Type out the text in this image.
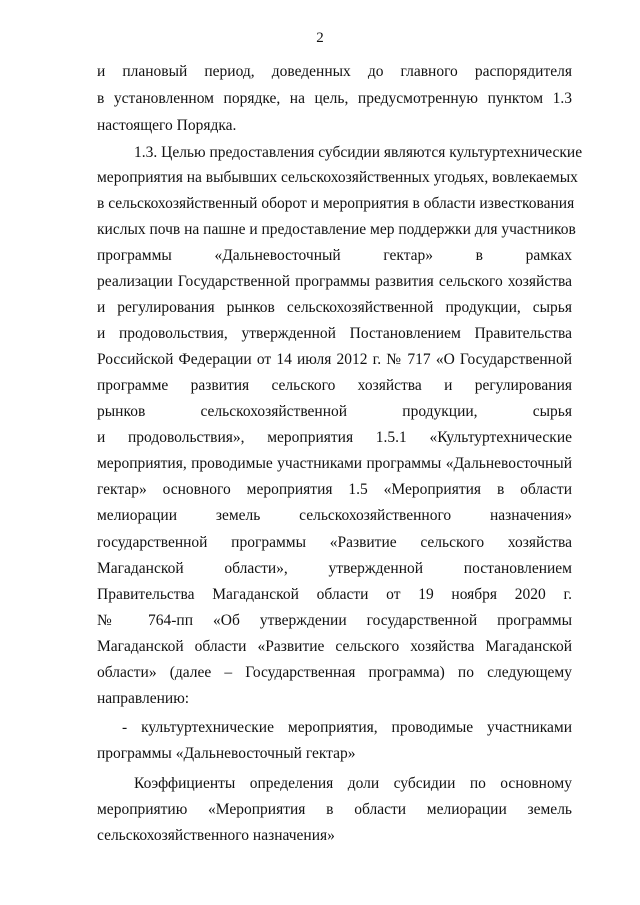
2
и плановый период, доведенных до главного распорядителя
в установленном порядке, на цель, предусмотренную пунктом 1.3
настоящего Порядка.
1.3. Целью предоставления субсидии являются культуртехнические
мероприятия на выбывших сельскохозяйственных угодьях, вовлекаемых
в сельскохозяйственный оборот и мероприятия в области известкования
кислых почв на пашне и предоставление мер поддержки для участников
программы «Дальневосточный гектар» в рамках
реализации Государственной программы развития сельского хозяйства
и регулирования рынков сельскохозяйственной продукции, сырья
и продовольствия, утвержденной Постановлением Правительства
Российской Федерации от 14 июля 2012 г. № 717 «О Государственной
программе развития сельского хозяйства и регулирования
рынков сельскохозяйственной продукции, сырья
и продовольствия», мероприятия 1.5.1 «Культуртехнические
мероприятия, проводимые участниками программы «Дальневосточный
гектар» основного мероприятия 1.5 «Мероприятия в области
мелиорации земель сельскохозяйственного назначения»
государственной программы «Развитие сельского хозяйства
Магаданской области», утвержденной постановлением
Правительства Магаданской области от 19 ноября 2020 г.
№ 764-пп «Об утверждении государственной программы
Магаданской области «Развитие сельского хозяйства Магаданской
области» (далее – Государственная программа) по следующему
направлению:
- культуртехнические мероприятия, проводимые участниками
программы «Дальневосточный гектар»
Коэффициенты определения доли субсидии по основному
мероприятию «Мероприятия в области мелиорации земель
сельскохозяйственного назначения»
